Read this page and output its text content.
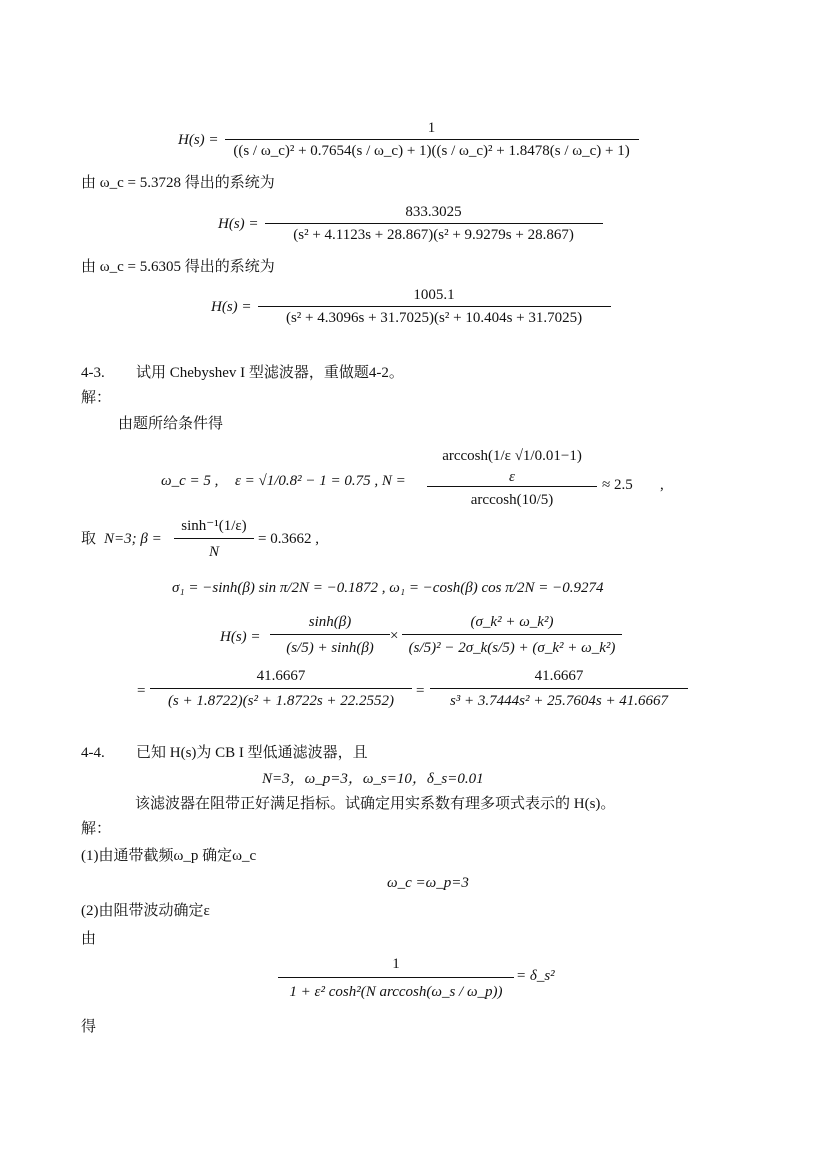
H(s) =
1
((s / ω_c)² + 0.7654(s / ω_c) + 1)((s / ω_c)² + 1.8478(s / ω_c) + 1)
由 ω_c = 5.3728 得出的系统为
$H(s) = \frac{833.3025}{\text{(s² + 4.1123s + 28.867)(s² + 9.9279s + 28.867)}}$
由 ω_c = 5.6305 得出的系统为
$H(s) = \frac{1005.1}{\text{(s² + 4.3096s + 31.7025)(s² + 10.404s + 31.7025)}}$
4-3. 试用 Chebyshev I 型滤波器，重做题4-2。
解：
由题所给条件得
ω_c = 5 , ε = √1/0.8² − 1 = 0.75 , N =
arccosh(1/ε √1/0.01−1)
ε
arccosh(10/5)
≈ 2.5 ,
取 N=3; β =
sinh⁻¹(1/ε)
N
= 0.3662 ,
σ₁ = −sinh(β) sin π/2N = −0.1872 , ω₁ = −cosh(β) cos π/2N = −0.9274
H(s) =
sinh(β)
(s/5) + sinh(β)
×
(σ_k² + ω_k²)
(s/5)² − 2σ_k(s/5) + (σ_k² + ω_k²)
=
41.6667
(s + 1.8722)(s² + 1.8722s + 22.2552)
=
41.6667
s³ + 3.7444s² + 25.7604s + 41.6667
4-4. 已知 H(s)为 CB I 型低通滤波器，且
N=3，ω_p=3，ω_s=10，δ_s=0.01
该滤波器在阻带正好满足指标。试确定用实系数有理多项式表示的 H(s)。
解：
(1)由通带截频ω_p 确定ω_c
ω_c =ω_p=3
(2)由阻带波动确定ε
由
1
1 + ε² cosh²(N arccosh(ω_s / ω_p))
= δ_s²
得
